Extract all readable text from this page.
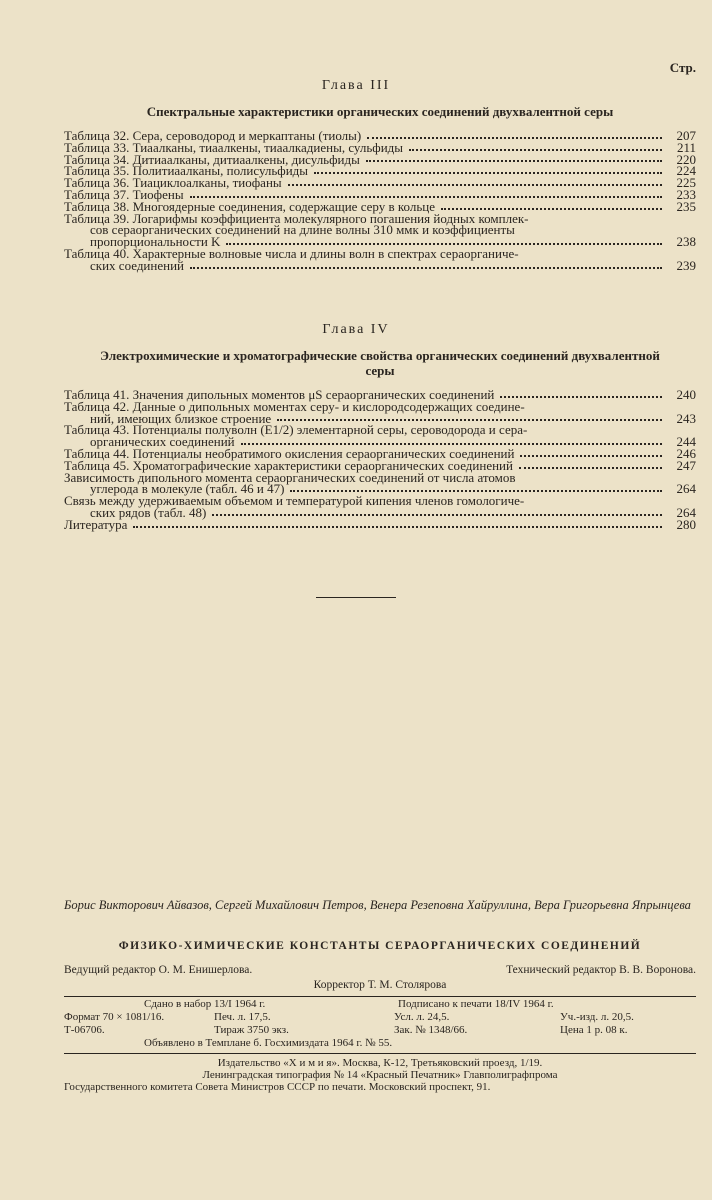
Стр.
Глава III
Спектральные характеристики органических соединений двухвалентной серы
Таблица 32. Сера, сероводород и меркаптаны (тиолы)	207
Таблица 33. Тиаалканы, тиаалкены, тиаалкадиены, сульфиды	211
Таблица 34. Дитиаалканы, дитиаалкены, дисульфиды	220
Таблица 35. Политиаалканы, полисульфиды	224
Таблица 36. Тиациклоалканы, тиофаны	225
Таблица 37. Тиофены	233
Таблица 38. Многоядерные соединения, содержащие серу в кольце	235
Таблица 39. Логарифмы коэффициента молекулярного погашения йодных комплек-
сов сераорганических соединений на длине волны 310 ммк и коэффициенты
пропорциональности K	238
Таблица 40. Характерные волновые числа и длины волн в спектрах сераорганиче-
ских соединений	239
Глава IV
Электрохимические и хроматографические свойства органических соединений двухвалентной серы
Таблица 41. Значения дипольных моментов μS сераорганических соединений	240
Таблица 42. Данные о дипольных моментах серу- и кислородсодержащих соедине-
ний, имеющих близкое строение	243
Таблица 43. Потенциалы полуволн (E1/2) элементарной серы, сероводорода и сера-
органических соединений	244
Таблица 44. Потенциалы необратимого окисления сераорганических соединений	246
Таблица 45. Хроматографические характеристики сераорганических соединений	247
Зависимость дипольного момента сераорганических соединений от числа атомов
углерода в молекуле (табл. 46 и 47)	264
Связь между удерживаемым объемом и температурой кипения членов гомологиче-
ских рядов (табл. 48)	264
Литература	280
Борис Викторович Айвазов, Сергей Михайлович Петров, Венера Резеповна Хайруллина, Вера Григорьевна Япрынцева
ФИЗИКО-ХИМИЧЕСКИЕ КОНСТАНТЫ СЕРАОРГАНИЧЕСКИХ СОЕДИНЕНИЙ
Ведущий редактор О. М. Енишерлова.	Технический редактор В. В. Воронова.
Корректор Т. М. Столярова
Издательство «Х и м и я». Москва, К-12, Третьяковский проезд, 1/19.
Ленинградская типография № 14 «Красный Печатник» Главполиграфпрома
Государственного комитета Совета Министров СССР по печати. Московский проспект, 91.
Сдано в набор 13/I 1964 г.	Подписано к печати 18/IV 1964 г.
Формат 70 × 1081/16.	Печ. л. 17,5.	Усл. л. 24,5.	Уч.-изд. л. 20,5.
Т-06706.	Тираж 3750 экз.	Зак. № 1348/66.	Цена 1 р. 08 к.
Объявлено в Темплане б. Госхимиздата 1964 г. № 55.
